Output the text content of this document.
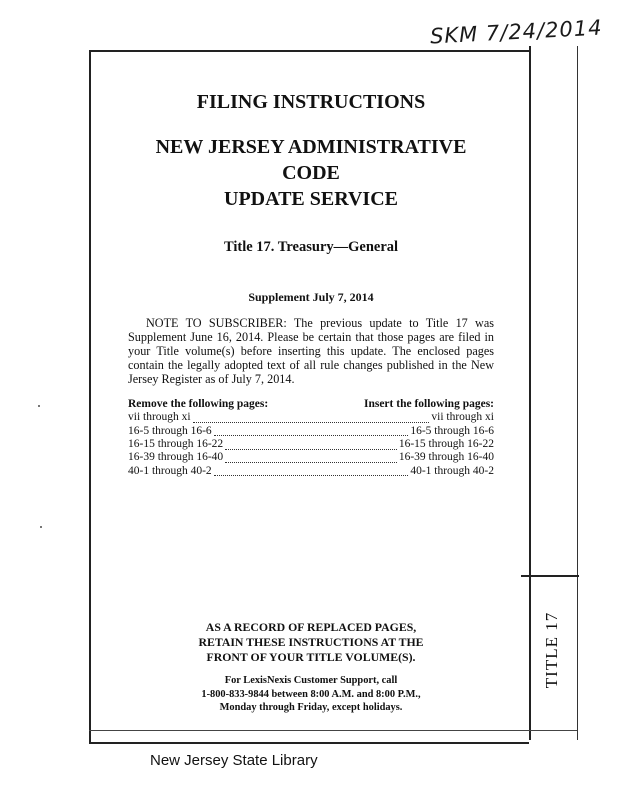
SKM 7/24/2014
TITLE 17
FILING INSTRUCTIONS
NEW JERSEY ADMINISTRATIVE CODE
UPDATE SERVICE
Title 17. Treasury—General
Supplement July 7, 2014

NOTE TO SUBSCRIBER: The previous update to Title 17 was Supplement June 16, 2014. Please be certain that those pages are filed in your Title volume(s) before inserting this update. The enclosed pages contain the legally adopted text of all rule changes published in the New Jersey Register as of July 7, 2014.

Remove the following pages:	Insert the following pages:
vii through xi	vii through xi
16-5 through 16-6	16-5 through 16-6
16-15 through 16-22	16-15 through 16-22
16-39 through 16-40	16-39 through 16-40
40-1 through 40-2	40-1 through 40-2
AS A RECORD OF REPLACED PAGES,
RETAIN THESE INSTRUCTIONS AT THE
FRONT OF YOUR TITLE VOLUME(S).
For LexisNexis Customer Support, call
1-800-833-9844 between 8:00 A.M. and 8:00 P.M.,
Monday through Friday, except holidays.
New Jersey State Library
